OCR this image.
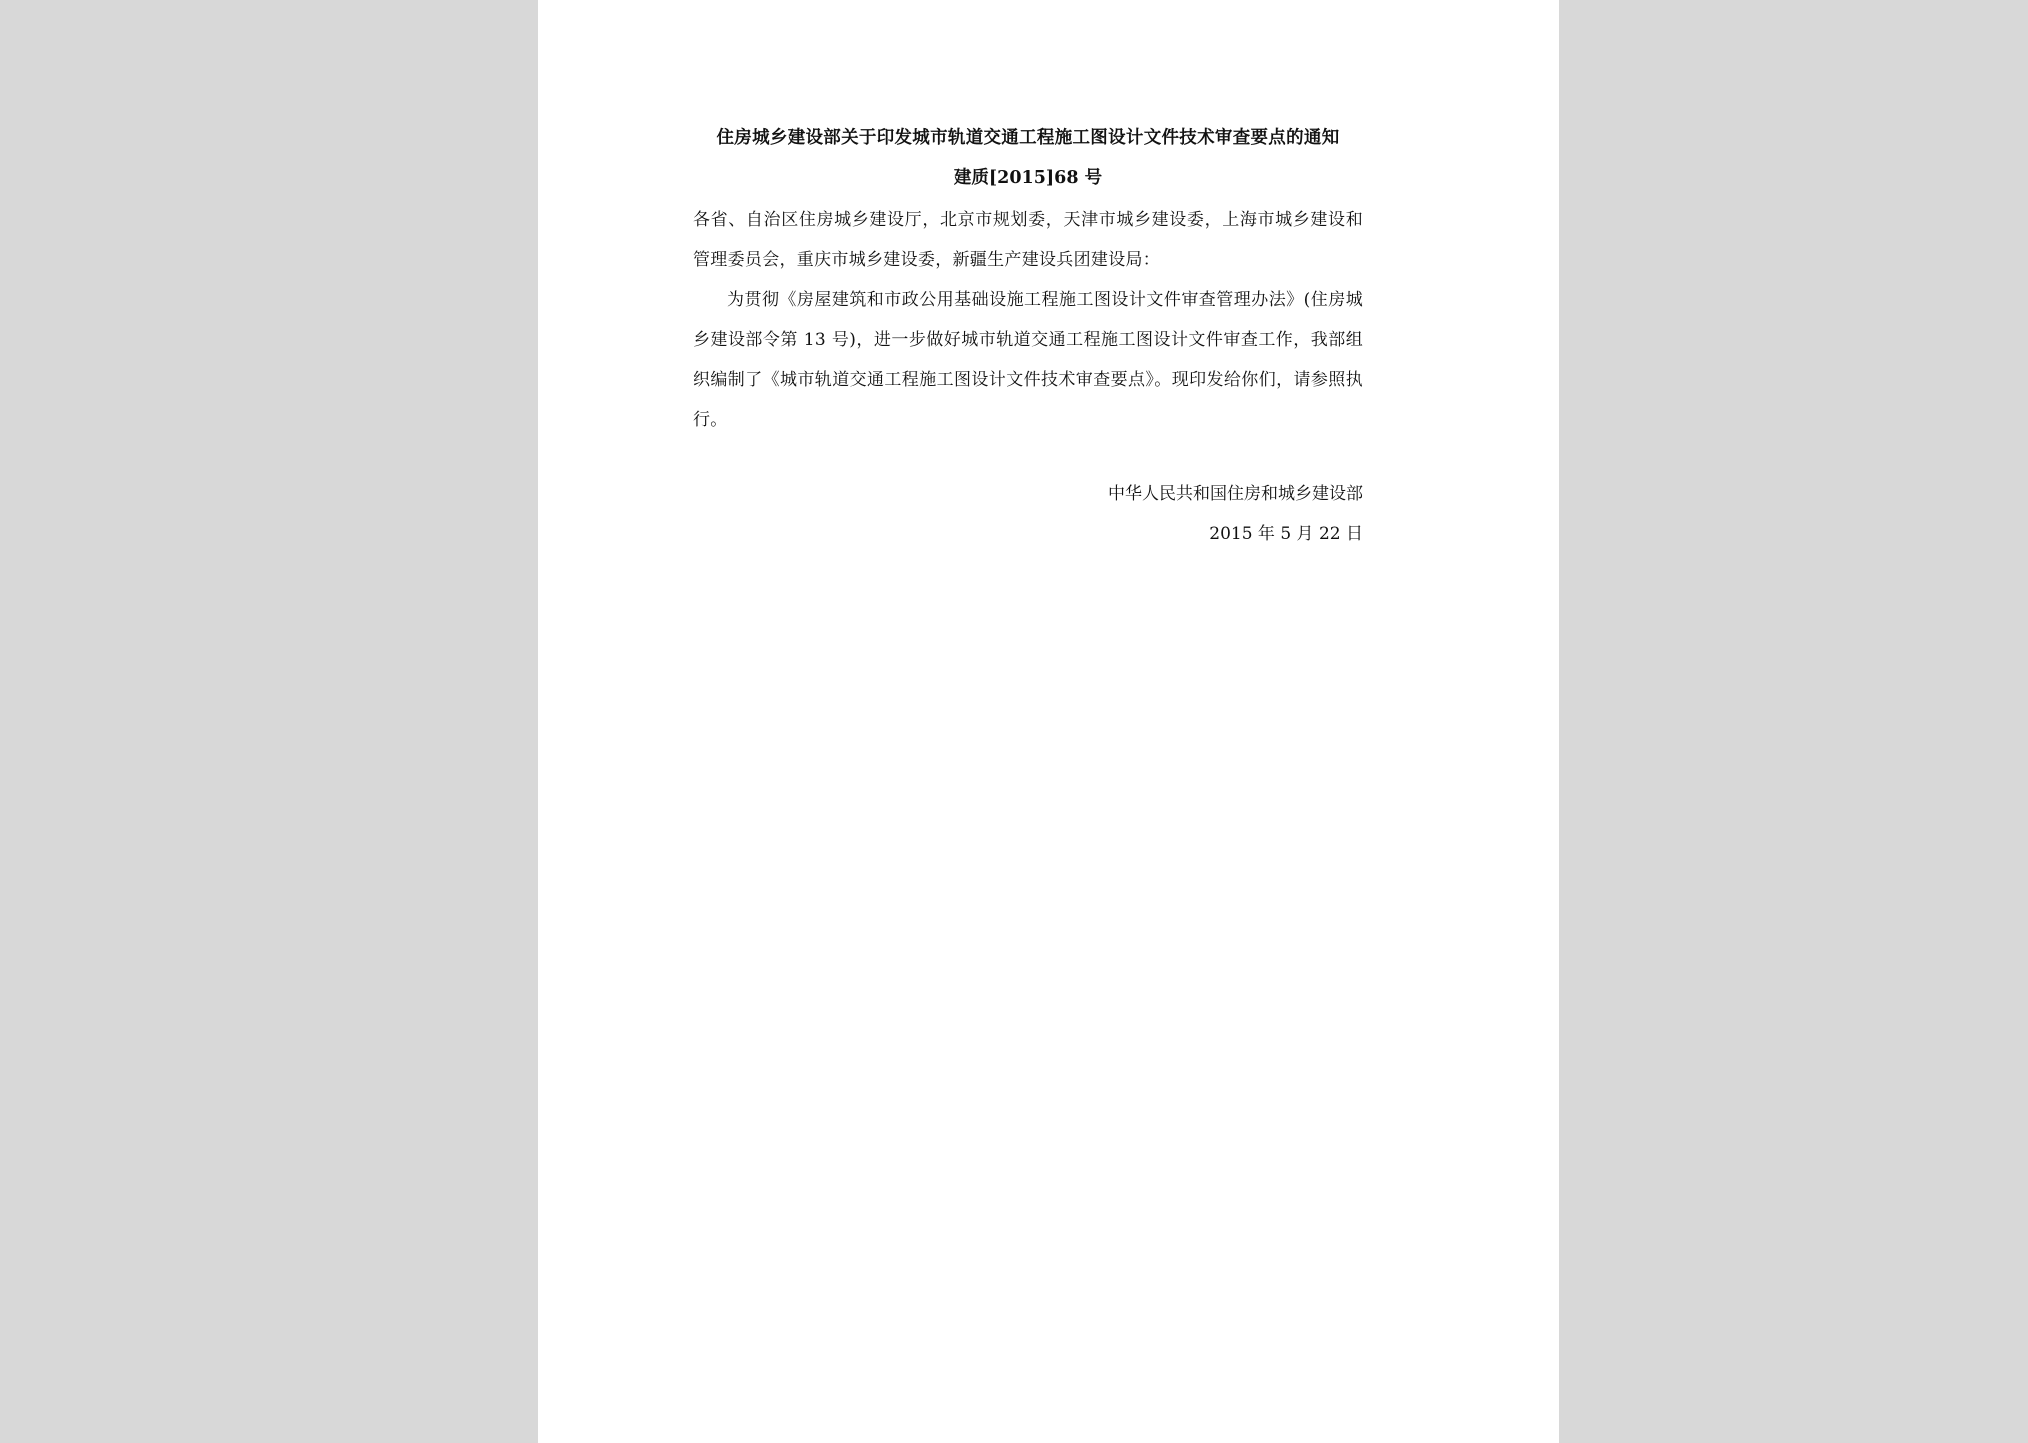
住房城乡建设部关于印发城市轨道交通工程施工图设计文件技术审查要点的通知

建质[2015]68 号

各省、自治区住房城乡建设厅，北京市规划委，天津市城乡建设委，上海市城乡建设和管理委员会，重庆市城乡建设委，新疆生产建设兵团建设局：

为贯彻《房屋建筑和市政公用基础设施工程施工图设计文件审查管理办法》(住房城乡建设部令第 13 号)，进一步做好城市轨道交通工程施工图设计文件审查工作，我部组织编制了《城市轨道交通工程施工图设计文件技术审查要点》。现印发给你们，请参照执行。

中华人民共和国住房和城乡建设部

2015 年 5 月 22 日
